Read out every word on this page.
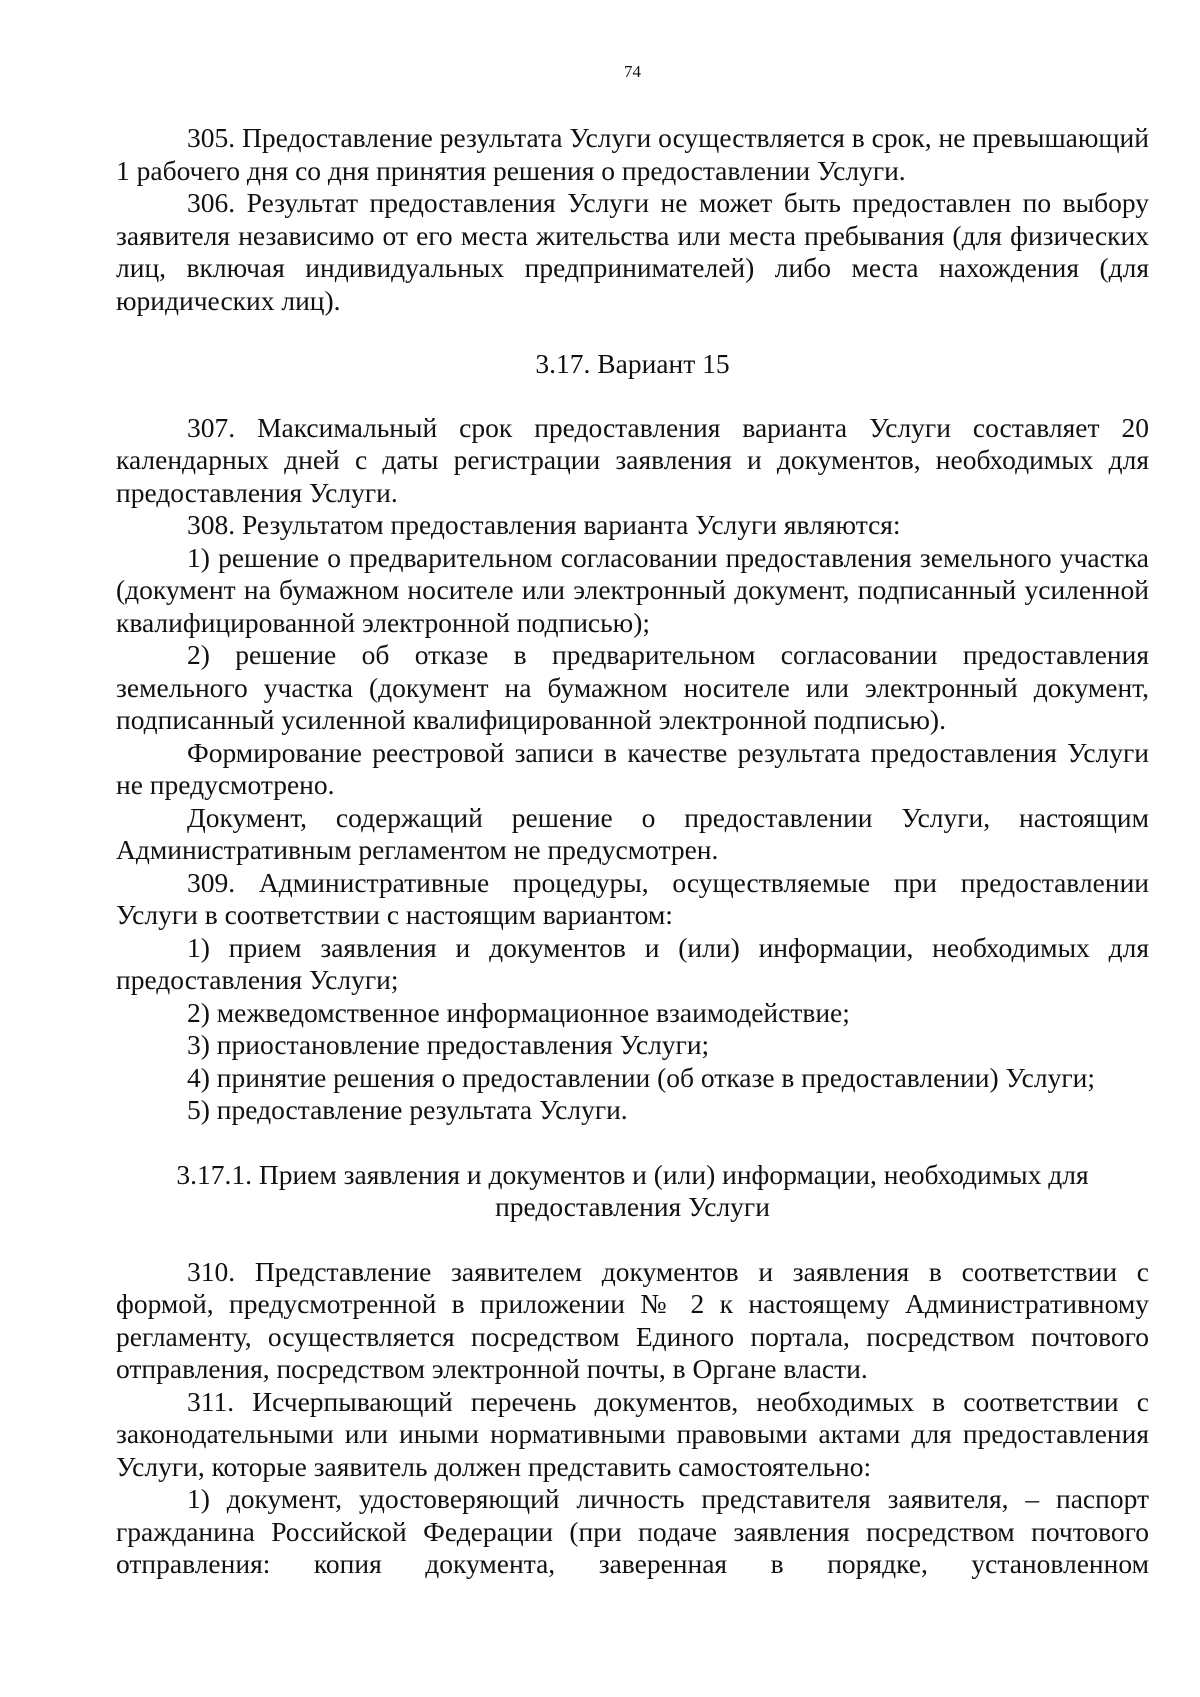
74

305. Предоставление результата Услуги осуществляется в срок, не превышающий 1 рабочего дня со дня принятия решения о предоставлении Услуги.

306. Результат предоставления Услуги не может быть предоставлен по выбору заявителя независимо от его места жительства или места пребывания (для физических лиц, включая индивидуальных предпринимателей) либо места нахождения (для юридических лиц).

3.17. Вариант 15

307. Максимальный срок предоставления варианта Услуги составляет 20 календарных дней с даты регистрации заявления и документов, необходимых для предоставления Услуги.

308. Результатом предоставления варианта Услуги являются:

1) решение о предварительном согласовании предоставления земельного участка (документ на бумажном носителе или электронный документ, подписанный усиленной квалифицированной электронной подписью);

2) решение об отказе в предварительном согласовании предоставления земельного участка (документ на бумажном носителе или электронный документ, подписанный усиленной квалифицированной электронной подписью).

Формирование реестровой записи в качестве результата предоставления Услуги не предусмотрено.

Документ, содержащий решение о предоставлении Услуги, настоящим Административным регламентом не предусмотрен.

309. Административные процедуры, осуществляемые при предоставлении Услуги в соответствии с настоящим вариантом:

1) прием заявления и документов и (или) информации, необходимых для предоставления Услуги;

2) межведомственное информационное взаимодействие;

3) приостановление предоставления Услуги;

4) принятие решения о предоставлении (об отказе в предоставлении) Услуги;

5) предоставление результата Услуги.

3.17.1. Прием заявления и документов и (или) информации, необходимых для предоставления Услуги

310. Представление заявителем документов и заявления в соответствии с формой, предусмотренной в приложении № 2 к настоящему Административному регламенту, осуществляется посредством Единого портала, посредством почтового отправления, посредством электронной почты, в Органе власти.

311. Исчерпывающий перечень документов, необходимых в соответствии с законодательными или иными нормативными правовыми актами для предоставления Услуги, которые заявитель должен представить самостоятельно:

1) документ, удостоверяющий личность представителя заявителя, – паспорт гражданина Российской Федерации (при подаче заявления посредством почтового отправления: копия документа, заверенная в порядке, установленном
